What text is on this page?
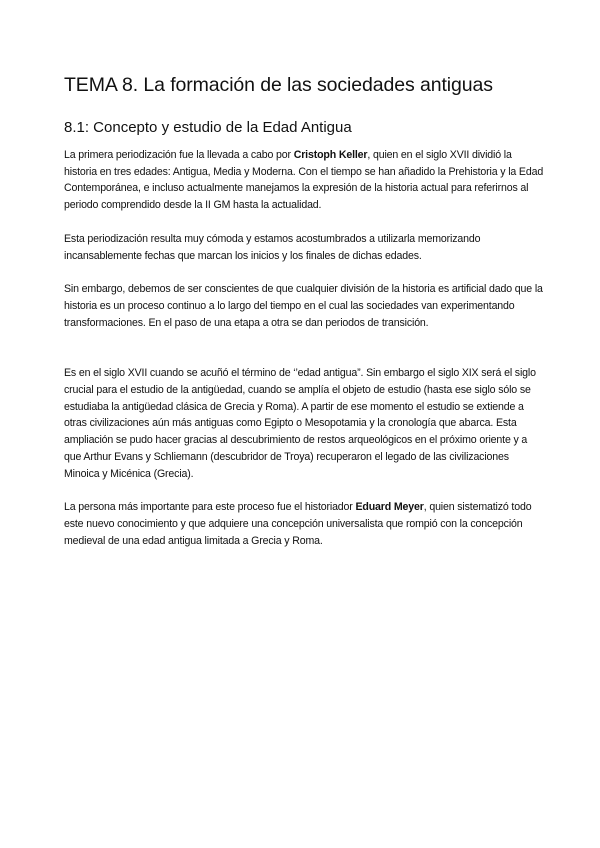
TEMA 8. La formación de las sociedades antiguas
8.1: Concepto y estudio de la Edad Antigua

La primera periodización fue la llevada a cabo por Cristoph Keller, quien en el siglo XVII dividió la historia en tres edades: Antigua, Media y Moderna. Con el tiempo se han añadido la Prehistoria y la Edad Contemporánea, e incluso actualmente manejamos la expresión de la historia actual para referirnos al periodo comprendido desde la II GM hasta la actualidad.

Esta periodización resulta muy cómoda y estamos acostumbrados a utilizarla memorizando incansablemente fechas que marcan los inicios y los finales de dichas edades.

Sin embargo, debemos de ser conscientes de que cualquier división de la historia es artificial dado que la historia es un proceso continuo a lo largo del tiempo en el cual las sociedades van experimentando transformaciones. En el paso de una etapa a otra se dan periodos de transición.

Es en el siglo XVII cuando se acuñó el término de ‘’edad antigua”. Sin embargo el siglo XIX será el siglo crucial para el estudio de la antigüedad, cuando se amplía el objeto de estudio (hasta ese siglo sólo se estudiaba la antigüedad clásica de Grecia y Roma). A partir de ese momento el estudio se extiende a otras civilizaciones aún más antiguas como Egipto o Mesopotamia y la cronología que abarca. Esta ampliación se pudo hacer gracias al descubrimiento de restos arqueológicos en el próximo oriente y a que Arthur Evans y Schliemann (descubridor de Troya) recuperaron el legado de las civilizaciones Minoica y Micénica (Grecia).

La persona más importante para este proceso fue el historiador Eduard Meyer, quien sistematizó todo este nuevo conocimiento y que adquiere una concepción universalista que rompió con la concepción medieval de una edad antigua limitada a Grecia y Roma.
